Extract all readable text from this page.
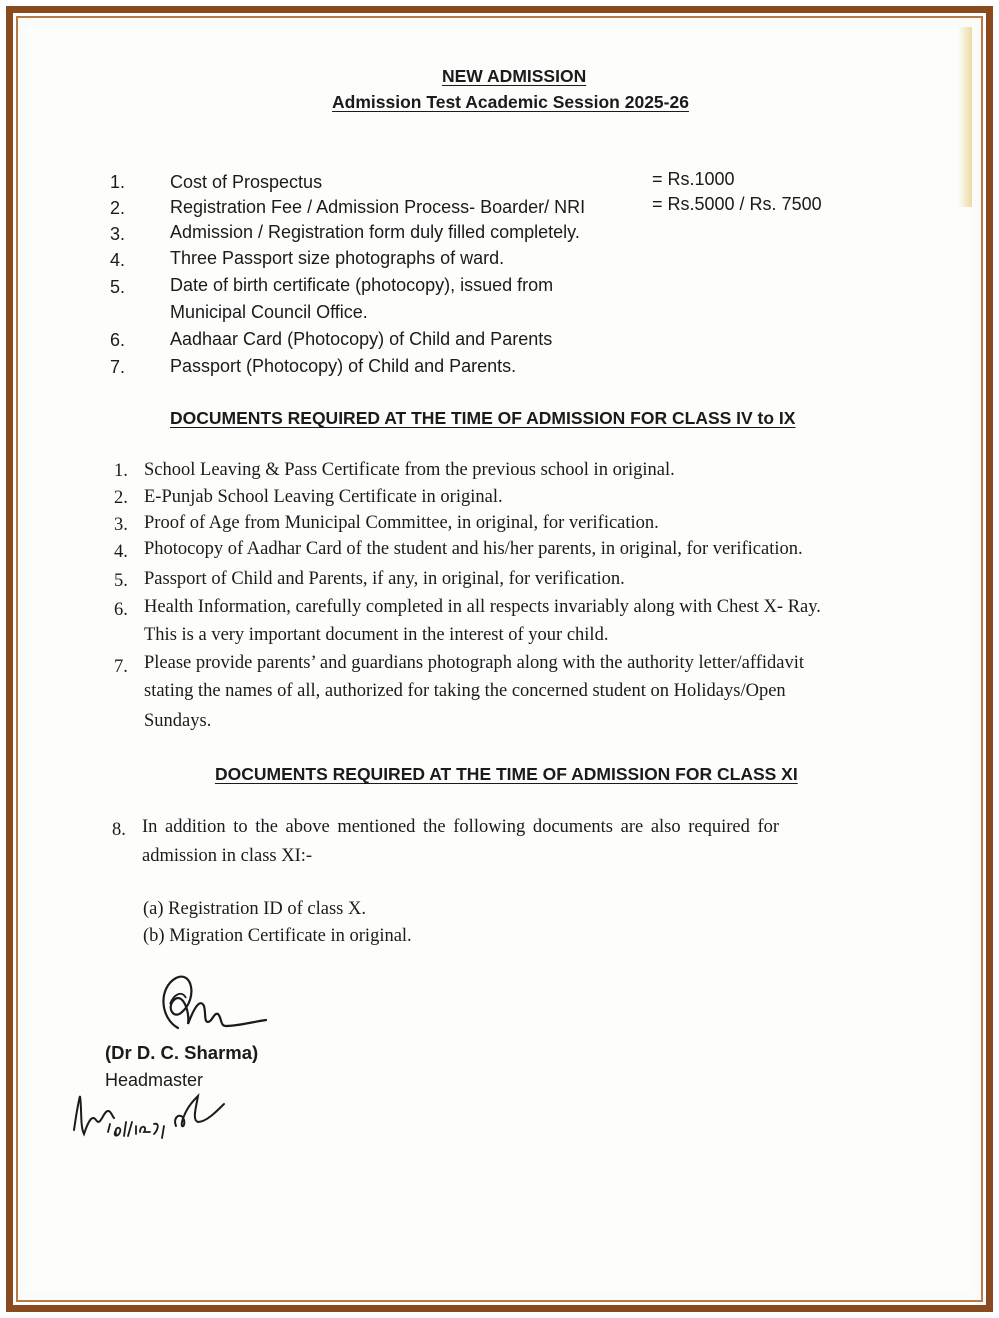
NEW ADMISSION
Admission Test Academic Session 2025-26
1. Cost of Prospectus	= Rs.1000
2. Registration Fee / Admission Process- Boarder/ NRI	= Rs.5000 / Rs. 7500
3. Admission / Registration form duly filled completely.
4. Three Passport size photographs of ward.
5. Date of birth certificate (photocopy), issued from
Municipal Council Office.
6. Aadhaar Card (Photocopy) of Child and Parents
7. Passport (Photocopy) of Child and Parents.
DOCUMENTS REQUIRED AT THE TIME OF ADMISSION FOR CLASS IV to IX
1. School Leaving & Pass Certificate from the previous school in original.
2. E-Punjab School Leaving Certificate in original.
3. Proof of Age from Municipal Committee, in original, for verification.
4. Photocopy of Aadhar Card of the student and his/her parents, in original, for verification.
5. Passport of Child and Parents, if any, in original, for verification.
6. Health Information, carefully completed in all respects invariably along with Chest X- Ray.
This is a very important document in the interest of your child.
7. Please provide parents’ and guardians photograph along with the authority letter/affidavit
stating the names of all, authorized for taking the concerned student on Holidays/Open
Sundays.
DOCUMENTS REQUIRED AT THE TIME OF ADMISSION FOR CLASS XI
8. In addition to the above mentioned the following documents are also required for
admission in class XI:-
(a) Registration ID of class X.
(b) Migration Certificate in original.
(Dr D. C. Sharma)
Headmaster
